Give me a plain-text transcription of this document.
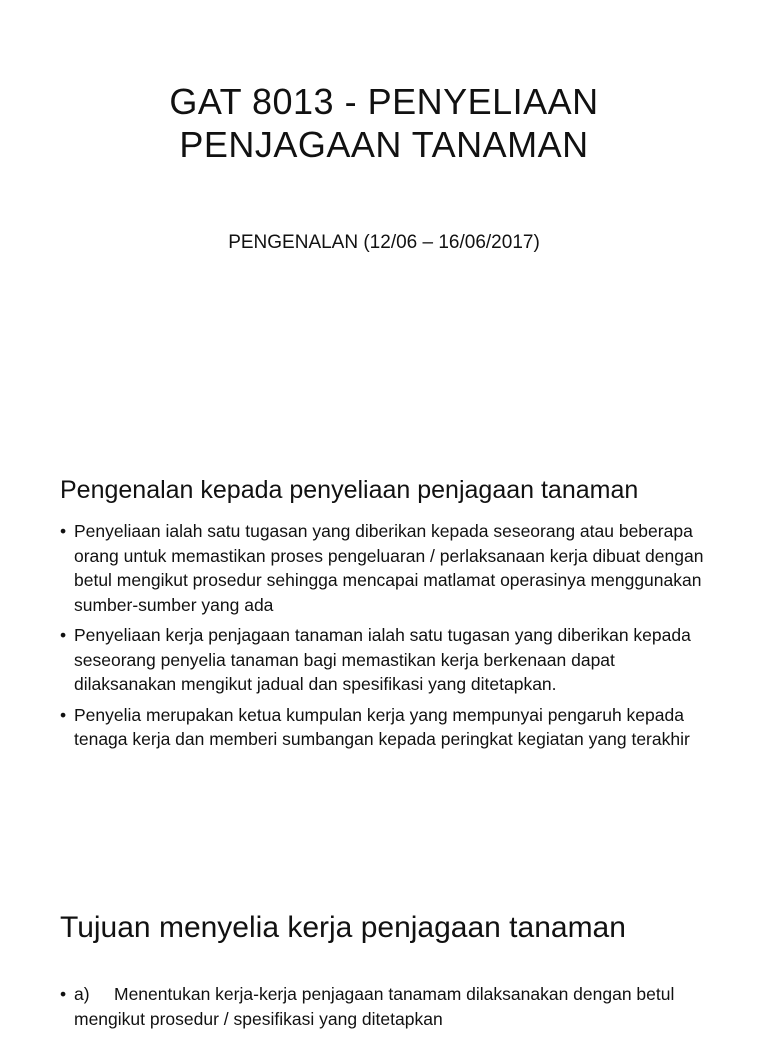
GAT 8013 - PENYELIAAN
PENJAGAAN TANAMAN
PENGENALAN (12/06 – 16/06/2017)
Pengenalan kepada penyeliaan penjagaan tanaman
• Penyeliaan ialah satu tugasan yang diberikan kepada seseorang atau beberapa orang untuk memastikan proses pengeluaran / perlaksanaan kerja dibuat dengan betul mengikut prosedur sehingga mencapai matlamat operasinya menggunakan sumber-sumber yang ada
• Penyeliaan kerja penjagaan tanaman ialah satu tugasan yang diberikan kepada seseorang penyelia tanaman bagi memastikan kerja berkenaan dapat dilaksanakan mengikut jadual dan spesifikasi yang ditetapkan.
• Penyelia merupakan ketua kumpulan kerja yang mempunyai pengaruh kepada tenaga kerja dan memberi sumbangan kepada peringkat kegiatan yang terakhir
Tujuan menyelia kerja penjagaan tanaman
• a) Menentukan kerja-kerja penjagaan tanamam dilaksanakan dengan betul mengikut prosedur / spesifikasi yang ditetapkan
